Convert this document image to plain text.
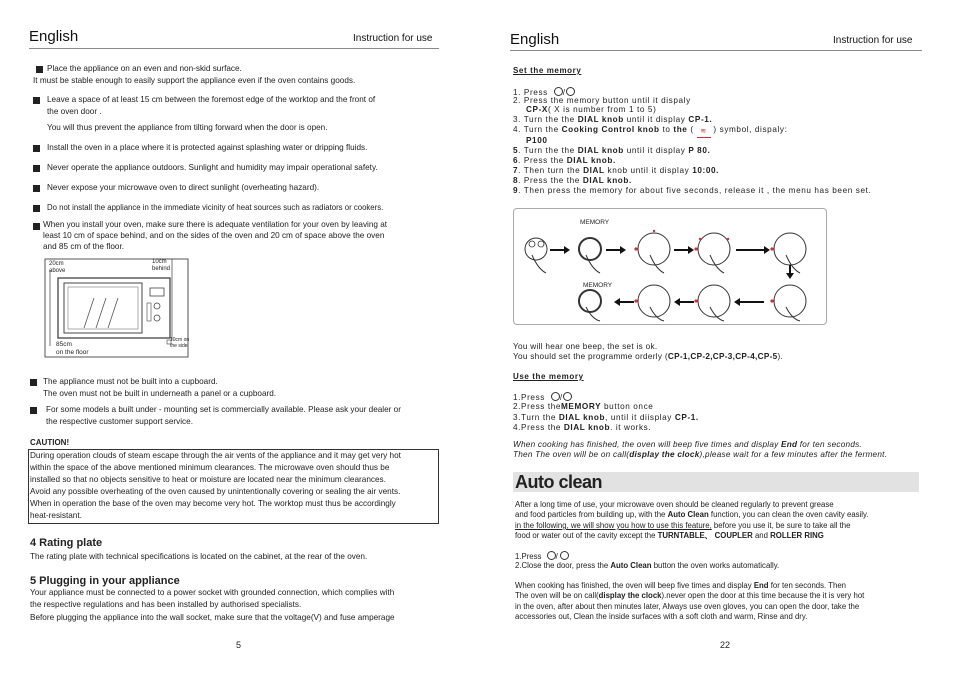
English	Instruction for use
Place the appliance on an even and non-skid surface.
It must be stable enough to easily support the appliance even if the oven contains goods.
Leave a space of at least 15 cm between the foremost edge of the worktop and the front of
the oven door .
You will thus prevent the appliance from tilting forward when the door is open.
Install the oven in a place where it is protected against splashing water or dripping fluids.
Never operate the appliance outdoors. Sunlight and humidity may impair operational safety.
Never expose your microwave oven to direct sunlight (overheating hazard).
Do not install the appliance in the immediate vicinity of heat sources such as radiators or cookers.
When you install your oven, make sure there is adequate ventilation for your oven by leaving at
least 10 cm of space behind, and on the sides of the oven and 20 cm of space above the oven
and 85 cm of the floor.
20cm above
10cm behind
85cm
on the floor
10cm on the side
The appliance must not be built into a cupboard.
The oven must not be built in underneath a panel or a cupboard.
For some models a built under - mounting set is commercially available. Please ask your dealer or
the respective customer support service.
CAUTION!
During operation clouds of steam escape through the air vents of the appliance and it may get very hot
within the space of the above mentioned minimum clearances. The microwave oven should thus be
installed so that no objects sensitive to heat or moisture are located near the minimum clearances.
Avoid any possible overheating of the oven caused by unintentionally covering or sealing the air vents.
When in operation the base of the oven may become very hot. The worktop must thus be accordingly
heat-resistant.
4 Rating plate
The rating plate with technical specifications is located on the cabinet, at the rear of the oven.
5 Plugging in your appliance
Your appliance must be connected to a power socket with grounded connection, which complies with
the respective regulations and has been installed by authorised specialists.
Before plugging the appliance into the wall socket, make sure that the voltage(V) and fuse amperage
5
English	Instruction for use
Set the memory
1. Press /
2. Press the memory button until it dispaly
CP-X( X is number from 1 to 5)
3. Turn the the DIAL knob until it display CP-1.
4. Turn the Cooking Control knob to the ( ≋ ) symbol, dispaly:
P100
5. Turn the the DIAL knob until it display P 80.
6. Press the DIAL knob.
7. Then turn the DIAL knob until it display 10:00.
8. Press the the DIAL knob.
9. Then press the memory for about five seconds, release it , the menu has been set.
MEMORY
MEMORY
You will hear one beep, the set is ok.
You should set the programme orderly (CP-1,CP-2,CP-3,CP-4,CP-5).
Use the memory
1.Press /
2.Press theMEMORY button once
3.Turn the DIAL knob, until it diisplay CP-1.
4.Press the DIAL knob. it works.
When cooking has finished, the oven will beep five times and display End for ten seconds.
Then The oven will be on call(display the clock),please wait for a few minutes after the ferment.
Auto clean
After a long time of use, your microwave oven should be cleaned regularly to prevent grease
and food particles from building up, with the Auto Clean function, you can clean the oven cavity easily.
in the following, we will show you how to use this feature, before you use it, be sure to take all the
food or water out of the cavity except the TURNTABLE、 COUPLER and ROLLER RING
1.Press /
2.Close the door, press the Auto Clean button the oven works automatically.
When cooking has finished, the oven will beep five times and display End for ten seconds. Then
The oven will be on call(display the clock).never open the door at this time because the it is very hot
in the oven, after about then minutes later, Always use oven gloves, you can open the door, take the
accessories out, Clean the inside surfaces with a soft cloth and warm, Rinse and dry.
22
